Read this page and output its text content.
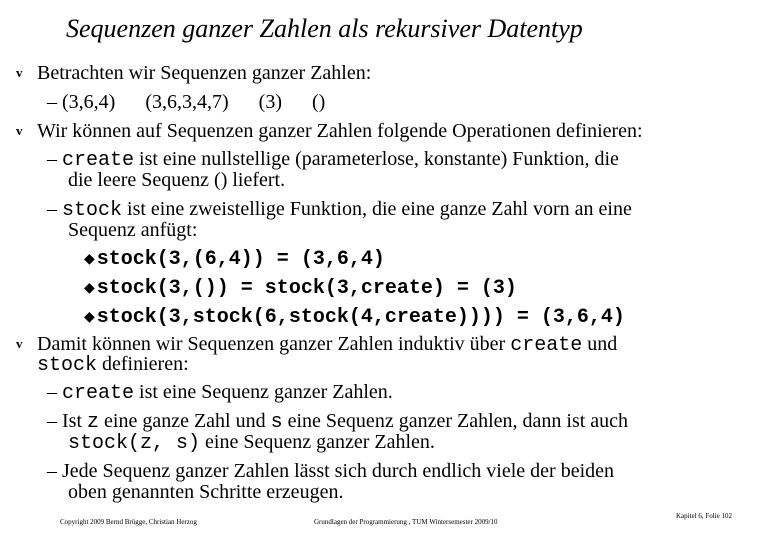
Sequenzen ganzer Zahlen als rekursiver Datentyp
v Betrachten wir Sequenzen ganzer Zahlen:
– (3,6,4) (3,6,3,4,7) (3) ()
v Wir können auf Sequenzen ganzer Zahlen folgende Operationen definieren:
– create ist eine nullstellige (parameterlose, konstante) Funktion, die
die leere Sequenz () liefert.
– stock ist eine zweistellige Funktion, die eine ganze Zahl vorn an eine
Sequenz anfügt:
◆ stock(3,(6,4)) = (3,6,4)
◆ stock(3,()) = stock(3,create) = (3)
◆ stock(3,stock(6,stock(4,create)))) = (3,6,4)
v Damit können wir Sequenzen ganzer Zahlen induktiv über create und
stock definieren:
– create ist eine Sequenz ganzer Zahlen.
– Ist z eine ganze Zahl und s eine Sequenz ganzer Zahlen, dann ist auch
stock(z, s) eine Sequenz ganzer Zahlen.
– Jede Sequenz ganzer Zahlen lässt sich durch endlich viele der beiden
oben genannten Schritte erzeugen.
Copyright 2009 Bernd Brügge, Christian Herzog	Grundlagen der Programmierung , TUM Wintersemester 2009/10
Kapitel 6, Folie 102
